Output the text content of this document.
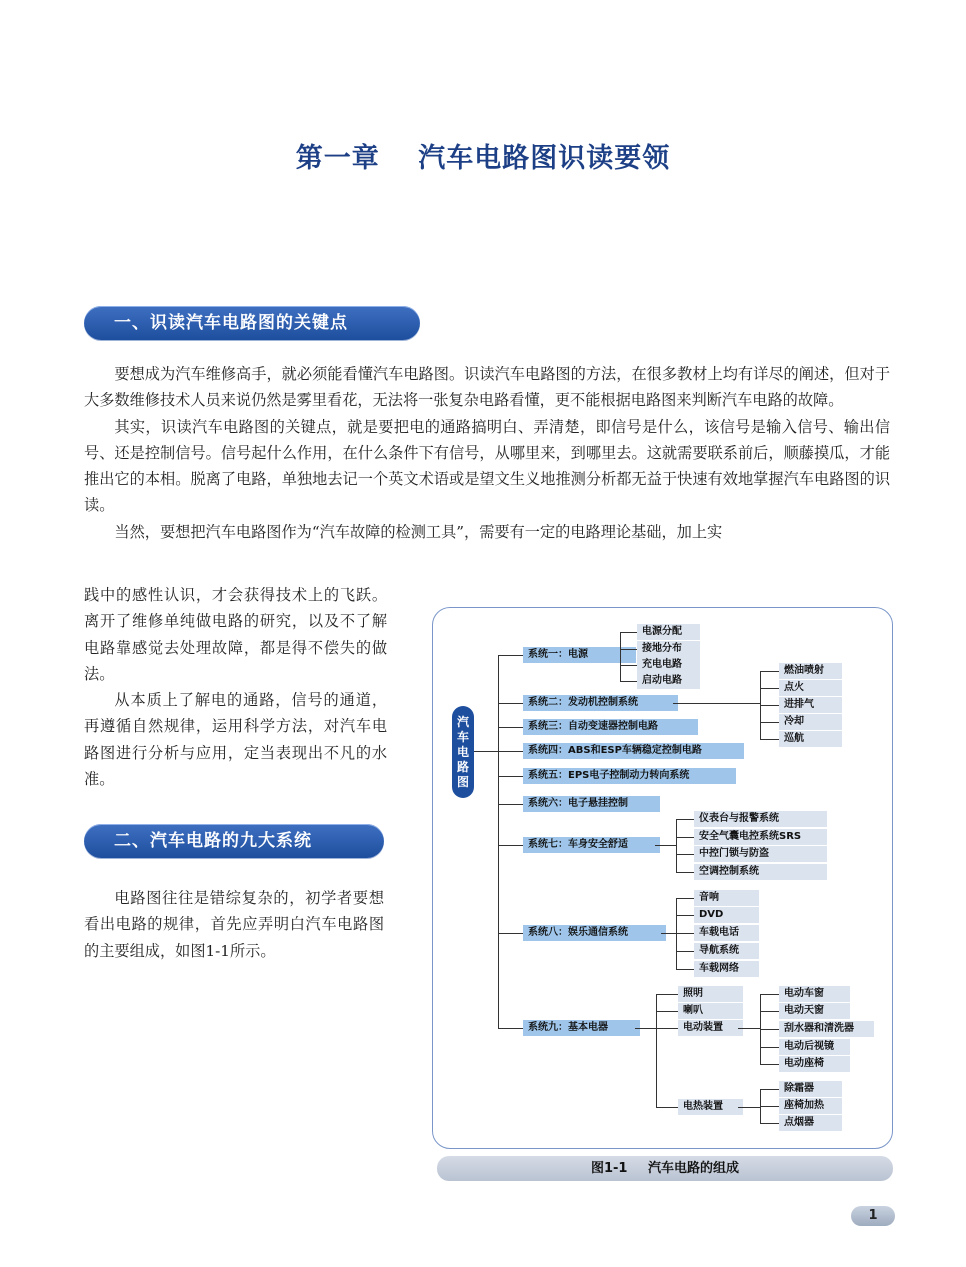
第一章 汽车电路图识读要领
一、识读汽车电路图的关键点

要想成为汽车维修高手，就必须能看懂汽车电路图。识读汽车电路图的方法，在很多教材上均有详尽的阐述，但对于大多数维修技术人员来说仍然是雾里看花，无法将一张复杂电路看懂，更不能根据电路图来判断汽车电路的故障。

其实，识读汽车电路图的关键点，就是要把电的通路搞明白、弄清楚，即信号是什么，该信号是输入信号、输出信号、还是控制信号。信号起什么作用，在什么条件下有信号，从哪里来，到哪里去。这就需要联系前后，顺藤摸瓜，才能推出它的本相。脱离了电路，单独地去记一个英文术语或是望文生义地推测分析都无益于快速有效地掌握汽车电路图的识读。

当然，要想把汽车电路图作为“汽车故障的检测工具”，需要有一定的电路理论基础，加上实

践中的感性认识，才会获得技术上的飞跃。离开了维修单纯做电路的研究，以及不了解电路靠感觉去处理故障，都是得不偿失的做法。

从本质上了解电的通路，信号的通道，再遵循自然规律，运用科学方法，对汽车电路图进行分析与应用，定当表现出不凡的水准。

二、汽车电路的九大系统

电路图往往是错综复杂的，初学者要想看出电路的规律，首先应弄明白汽车电路图的主要组成，如图1-1所示。

汽
车
电
路
图
系统一：电源
系统二：发动机控制系统
系统三：自动变速器控制电路
系统四：ABS和ESP车辆稳定控制电路
系统五：EPS电子控制动力转向系统
系统六：电子悬挂控制
系统七：车身安全舒适
系统八：娱乐通信系统
系统九：基本电器
电源分配
接地分布
充电电路
启动电路
燃油喷射
点火
进排气
冷却
巡航
仪表台与报警系统
安全气囊电控系统SRS
中控门锁与防盗
空调控制系统
音响
DVD
车载电话
导航系统
车载网络
照明
喇叭
电动装置
电热装置
电动车窗
电动天窗
刮水器和清洗器
电动后视镜
电动座椅
除霜器
座椅加热
点烟器
图1-1 汽车电路的组成
1
